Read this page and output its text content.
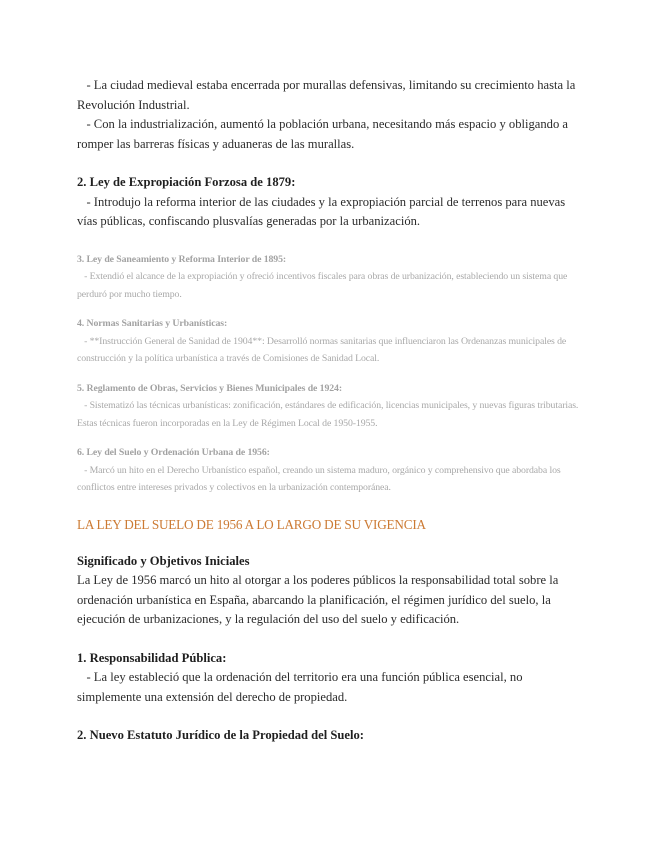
- La ciudad medieval estaba encerrada por murallas defensivas, limitando su crecimiento hasta la Revolución Industrial.

- Con la industrialización, aumentó la población urbana, necesitando más espacio y obligando a romper las barreras físicas y aduaneras de las murallas.

2. Ley de Expropiación Forzosa de 1879:

- Introdujo la reforma interior de las ciudades y la expropiación parcial de terrenos para nuevas vías públicas, confiscando plusvalías generadas por la urbanización.

3. Ley de Saneamiento y Reforma Interior de 1895:

- Extendió el alcance de la expropiación y ofreció incentivos fiscales para obras de urbanización, estableciendo un sistema que perduró por mucho tiempo.

4. Normas Sanitarias y Urbanísticas:

- **Instrucción General de Sanidad de 1904**: Desarrolló normas sanitarias que influenciaron las Ordenanzas municipales de construcción y la política urbanística a través de Comisiones de Sanidad Local.

5. Reglamento de Obras, Servicios y Bienes Municipales de 1924:

- Sistematizó las técnicas urbanísticas: zonificación, estándares de edificación, licencias municipales, y nuevas figuras tributarias. Estas técnicas fueron incorporadas en la Ley de Régimen Local de 1950-1955.

6. Ley del Suelo y Ordenación Urbana de 1956:

- Marcó un hito en el Derecho Urbanístico español, creando un sistema maduro, orgánico y comprehensivo que abordaba los conflictos entre intereses privados y colectivos en la urbanización contemporánea.

LA LEY DEL SUELO DE 1956 A LO LARGO DE SU VIGENCIA

Significado y Objetivos Iniciales

La Ley de 1956 marcó un hito al otorgar a los poderes públicos la responsabilidad total sobre la ordenación urbanística en España, abarcando la planificación, el régimen jurídico del suelo, la ejecución de urbanizaciones, y la regulación del uso del suelo y edificación.

1. Responsabilidad Pública:

- La ley estableció que la ordenación del territorio era una función pública esencial, no simplemente una extensión del derecho de propiedad.

2. Nuevo Estatuto Jurídico de la Propiedad del Suelo:
